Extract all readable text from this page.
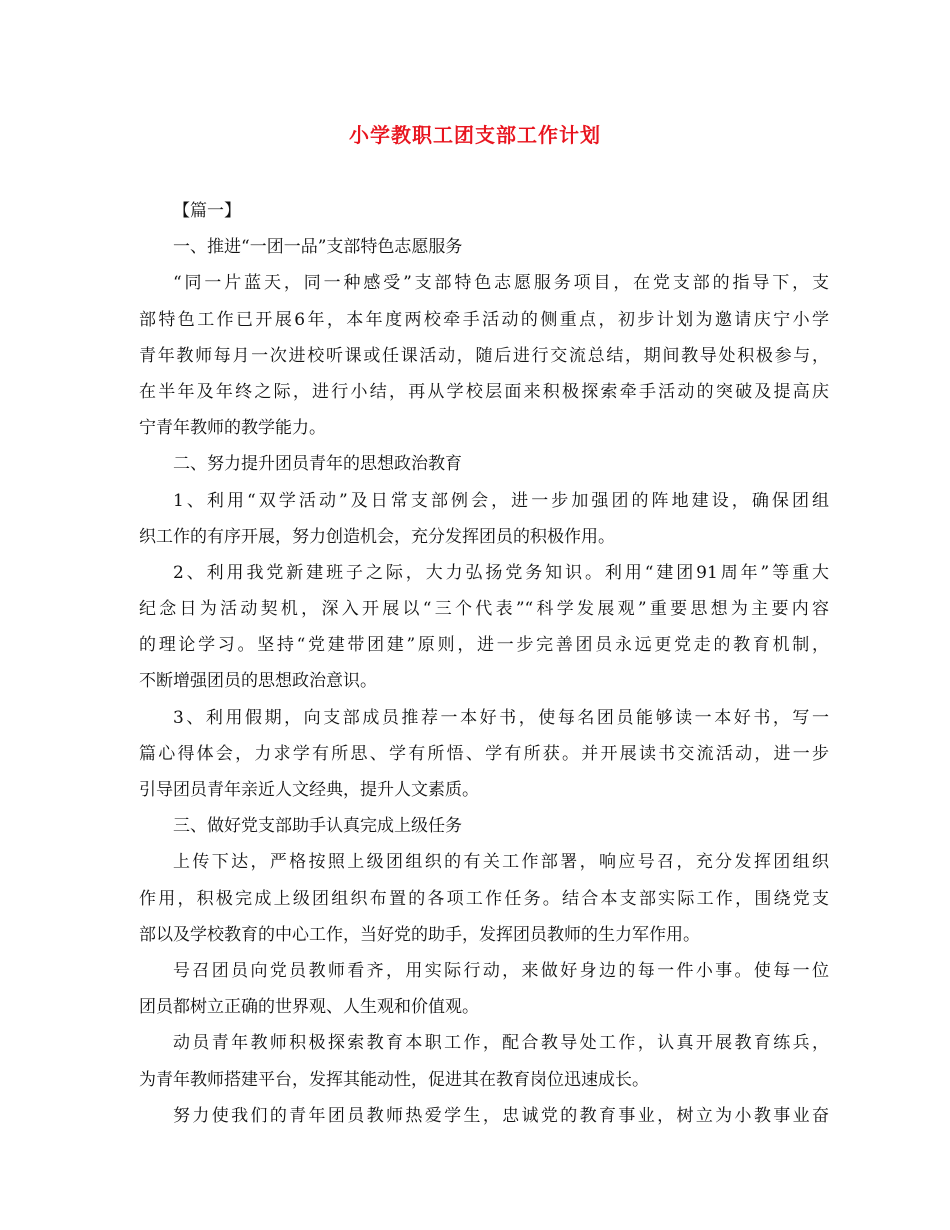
小学教职工团支部工作计划
【篇一】
一、推进“一团一品”支部特色志愿服务
“同一片蓝天，同一种感受”支部特色志愿服务项目，在党支部的指导下，支
部特色工作已开展6年，本年度两校牵手活动的侧重点，初步计划为邀请庆宁小学
青年教师每月一次进校听课或任课活动，随后进行交流总结，期间教导处积极参与，
在半年及年终之际，进行小结，再从学校层面来积极探索牵手活动的突破及提高庆
宁青年教师的教学能力。
二、努力提升团员青年的思想政治教育
1、利用“双学活动”及日常支部例会，进一步加强团的阵地建设，确保团组
织工作的有序开展，努力创造机会，充分发挥团员的积极作用。
2、利用我党新建班子之际，大力弘扬党务知识。利用“建团91周年”等重大
纪念日为活动契机，深入开展以“三个代表”“科学发展观”重要思想为主要内容
的理论学习。坚持“党建带团建”原则，进一步完善团员永远更党走的教育机制，
不断增强团员的思想政治意识。
3、利用假期，向支部成员推荐一本好书，使每名团员能够读一本好书，写一
篇心得体会，力求学有所思、学有所悟、学有所获。并开展读书交流活动，进一步
引导团员青年亲近人文经典，提升人文素质。
三、做好党支部助手认真完成上级任务
上传下达，严格按照上级团组织的有关工作部署，响应号召，充分发挥团组织
作用，积极完成上级团组织布置的各项工作任务。结合本支部实际工作，围绕党支
部以及学校教育的中心工作，当好党的助手，发挥团员教师的生力军作用。
号召团员向党员教师看齐，用实际行动，来做好身边的每一件小事。使每一位
团员都树立正确的世界观、人生观和价值观。
动员青年教师积极探索教育本职工作，配合教导处工作，认真开展教育练兵，
为青年教师搭建平台，发挥其能动性，促进其在教育岗位迅速成长。
努力使我们的青年团员教师热爱学生，忠诚党的教育事业，树立为小教事业奋
